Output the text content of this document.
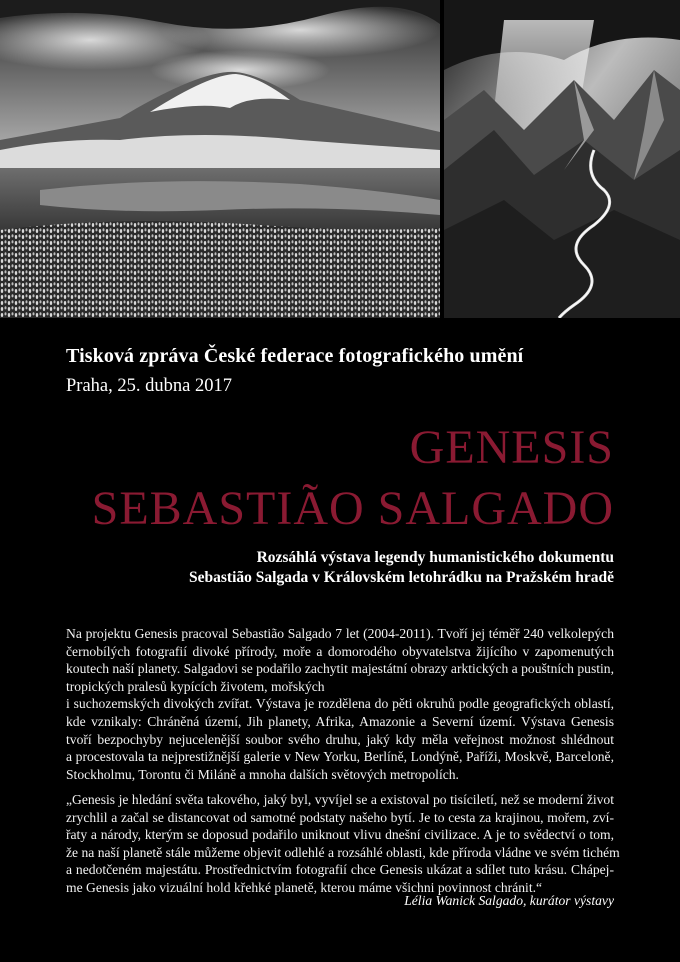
Tisková zpráva České federace fotografického umění
Praha, 25. dubna 2017
GENESIS
SEBASTIÃO SALGADO
Rozsáhlá výstava legendy humanistického dokumentu
Sebastião Salgada v Královském letohrádku na Pražském hradě
Na projektu Genesis pracoval Sebastião Salgado 7 let (2004-2011). Tvoří jej téměř 240 velkolepých
černobílých fotografií divoké přírody, moře a domorodého obyvatelstva žijícího v zapomenutých
koutech naší planety. Salgadovi se podařilo zachytit majestátní obrazy arktických a pouštních pustin,
tropických pralesů kypících životem, mořských
i suchozemských divokých zvířat. Výstava je rozdělena do pěti okruhů podle geografických oblastí,
kde vznikaly: Chráněná území, Jih planety, Afrika, Amazonie a Severní území. Výstava Genesis
tvoří bezpochyby nejucelenější soubor svého druhu, jaký kdy měla veřejnost možnost shlédnout
a procestovala ta nejprestižnější galerie v New Yorku, Berlíně, Londýně, Paříži, Moskvě, Barceloně,
Stockholmu, Torontu či Miláně a mnoha dalších světových metropolích.
„Genesis je hledání světa takového, jaký byl, vyvíjel se a existoval po tisíciletí, než se moderní život
zrychlil a začal se distancovat od samotné podstaty našeho bytí. Je to cesta za krajinou, mořem, zví-
řaty a národy, kterým se doposud podařilo uniknout vlivu dnešní civilizace. A je to svědectví o tom,
že na naší planetě stále můžeme objevit odlehlé a rozsáhlé oblasti, kde příroda vládne ve svém tichém
a nedotčeném majestátu. Prostřednictvím fotografií chce Genesis ukázat a sdílet tuto krásu. Chápej-
me Genesis jako vizuální hold křehké planetě, kterou máme všichni povinnost chránit.“
Lélia Wanick Salgado, kurátor výstavy
